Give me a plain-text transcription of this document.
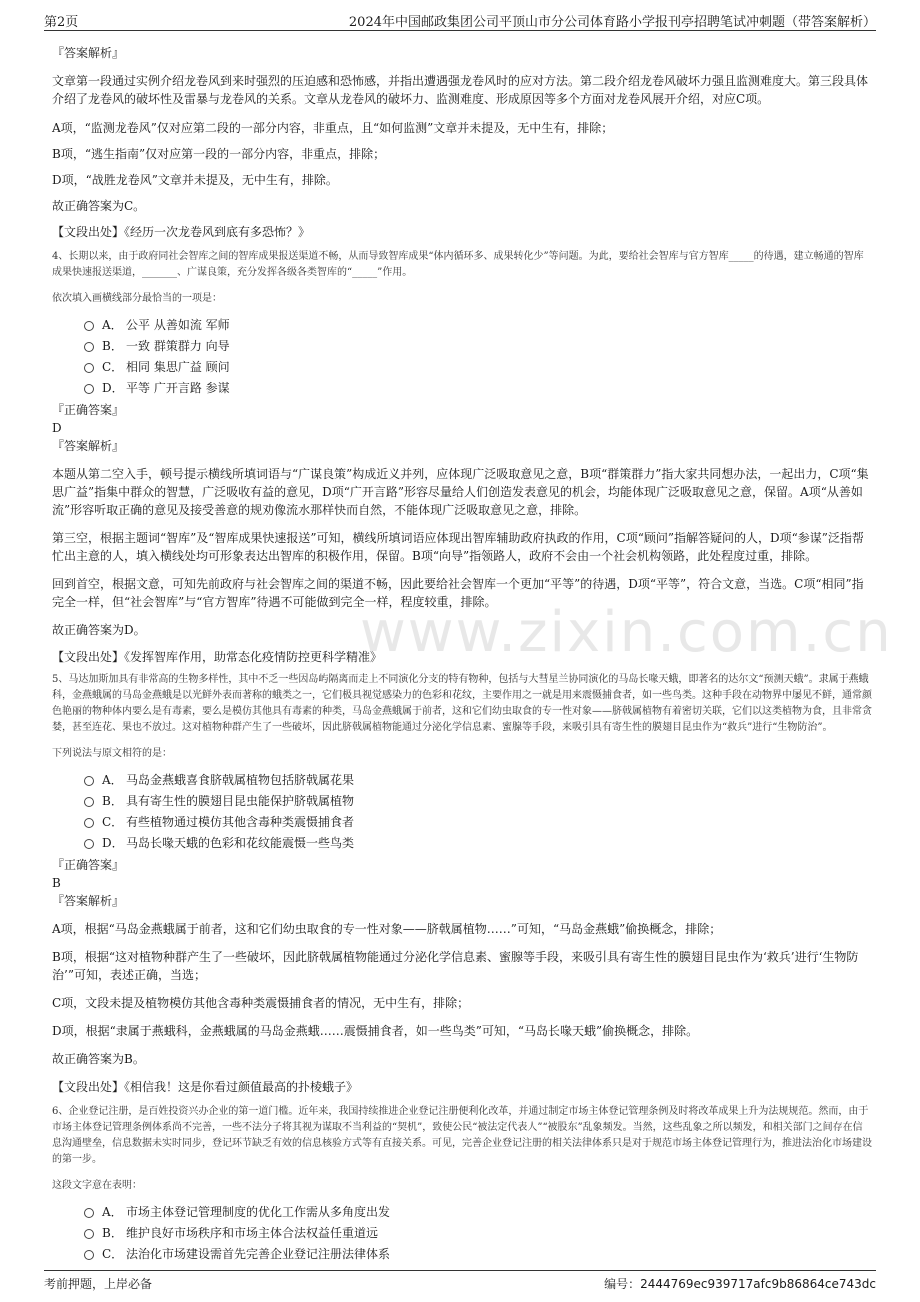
第2页	2024年中国邮政集团公司平顶山市分公司体育路小学报刊亭招聘笔试冲刺题（带答案解析）
www.zixin.com.cn

『答案解析』

文章第一段通过实例介绍龙卷风到来时强烈的压迫感和恐怖感，并指出遭遇强龙卷风时的应对方法。第二段介绍龙卷风破坏力强且监测难度大。第三段具体介绍了龙卷风的破坏性及雷暴与龙卷风的关系。文章从龙卷风的破坏力、监测难度、形成原因等多个方面对龙卷风展开介绍，对应C项。

A项，“监测龙卷风”仅对应第二段的一部分内容，非重点，且“如何监测”文章并未提及，无中生有，排除；

B项，“逃生指南”仅对应第一段的一部分内容，非重点，排除；

D项，“战胜龙卷风”文章并未提及，无中生有，排除。

故正确答案为C。

【文段出处】《经历一次龙卷风到底有多恐怖？》

4、长期以来，由于政府同社会智库之间的智库成果报送渠道不畅，从而导致智库成果“体内循环多、成果转化少”等问题。为此，要给社会智库与官方智库_____的待遇，建立畅通的智库成果快速报送渠道，_______、广谋良策，充分发挥各级各类智库的“_____”作用。

依次填入画横线部分最恰当的一项是：

A． 公平 从善如流 军师
B． 一致 群策群力 向导
C． 相同 集思广益 顾问
D． 平等 广开言路 参谋

『正确答案』

D

『答案解析』

本题从第二空入手，顿号提示横线所填词语与“广谋良策”构成近义并列，应体现广泛吸取意见之意，B项“群策群力”指大家共同想办法，一起出力，C项“集思广益”指集中群众的智慧，广泛吸收有益的意见，D项“广开言路”形容尽量给人们创造发表意见的机会，均能体现广泛吸取意见之意，保留。A项“从善如流”形容听取正确的意见及接受善意的规劝像流水那样快而自然，不能体现广泛吸取意见之意，排除。

第三空，根据主题词“智库”及“智库成果快速报送”可知，横线所填词语应体现出智库辅助政府执政的作用，C项“顾问”指解答疑问的人，D项“参谋”泛指帮忙出主意的人，填入横线处均可形象表达出智库的积极作用，保留。B项“向导”指领路人，政府不会由一个社会机构领路，此处程度过重，排除。

回到首空，根据文意，可知先前政府与社会智库之间的渠道不畅，因此要给社会智库一个更加“平等”的待遇，D项“平等”，符合文意，当选。C项“相同”指完全一样，但“社会智库”与“官方智库”待遇不可能做到完全一样，程度较重，排除。

故正确答案为D。

【文段出处】《发挥智库作用，助常态化疫情防控更科学精准》

5、马达加斯加具有非常高的生物多样性，其中不乏一些因岛屿隔离而走上不同演化分支的特有物种，包括与大彗星兰协同演化的马岛长喙天蛾，即著名的达尔文“预测天蛾”。隶属于燕蛾科，金燕蛾属的马岛金燕蛾是以光鲜外表而著称的蛾类之一，它们极具视觉感染力的色彩和花纹，主要作用之一就是用来震慑捕食者，如一些鸟类。这种手段在动物界中屡见不鲜，通常颜色艳丽的物种体内要么是有毒素，要么是模仿其他具有毒素的种类，马岛金燕蛾属于前者，这和它们幼虫取食的专一性对象——脐戟属植物有着密切关联，它们以这类植物为食，且非常贪婪，甚至连花、果也不放过。这对植物种群产生了一些破坏，因此脐戟属植物能通过分泌化学信息素、蜜腺等手段，来吸引具有寄生性的膜翅目昆虫作为“救兵”进行“生物防治”。

下列说法与原文相符的是：

A． 马岛金燕蛾喜食脐戟属植物包括脐戟属花果
B． 具有寄生性的膜翅目昆虫能保护脐戟属植物
C． 有些植物通过模仿其他含毒种类震慑捕食者
D． 马岛长喙天蛾的色彩和花纹能震慑一些鸟类

『正确答案』

B

『答案解析』

A项，根据“马岛金燕蛾属于前者，这和它们幼虫取食的专一性对象——脐戟属植物……”可知，“马岛金燕蛾”偷换概念，排除；

B项，根据“这对植物种群产生了一些破坏，因此脐戟属植物能通过分泌化学信息素、蜜腺等手段，来吸引具有寄生性的膜翅目昆虫作为‘救兵’进行‘生物防治’”可知，表述正确，当选；

C项，文段未提及植物模仿其他含毒种类震慑捕食者的情况，无中生有，排除；

D项，根据“隶属于燕蛾科，金燕蛾属的马岛金燕蛾……震慑捕食者，如一些鸟类”可知，“马岛长喙天蛾”偷换概念，排除。

故正确答案为B。

【文段出处】《相信我！这是你看过颜值最高的扑棱蛾子》

6、企业登记注册，是百姓投资兴办企业的第一道门槛。近年来，我国持续推进企业登记注册便利化改革，并通过制定市场主体登记管理条例及时将改革成果上升为法规规范。然而，由于市场主体登记管理条例体系尚不完善，一些不法分子将其视为谋取不当利益的“契机”，致使公民“被法定代表人”“被股东”乱象频发。当然，这些乱象之所以频发，和相关部门之间存在信息沟通壁垒，信息数据未实时同步，登记环节缺乏有效的信息核验方式等有直接关系。可见，完善企业登记注册的相关法律体系只是对于规范市场主体登记管理行为，推进法治化市场建设的第一步。

这段文字意在表明：

A． 市场主体登记管理制度的优化工作需从多角度出发
B． 维护良好市场秩序和市场主体合法权益任重道远
C． 法治化市场建设需首先完善企业登记注册法律体系
考前押题，上岸必备	编号：2444769ec939717afc9b86864ce743dc
